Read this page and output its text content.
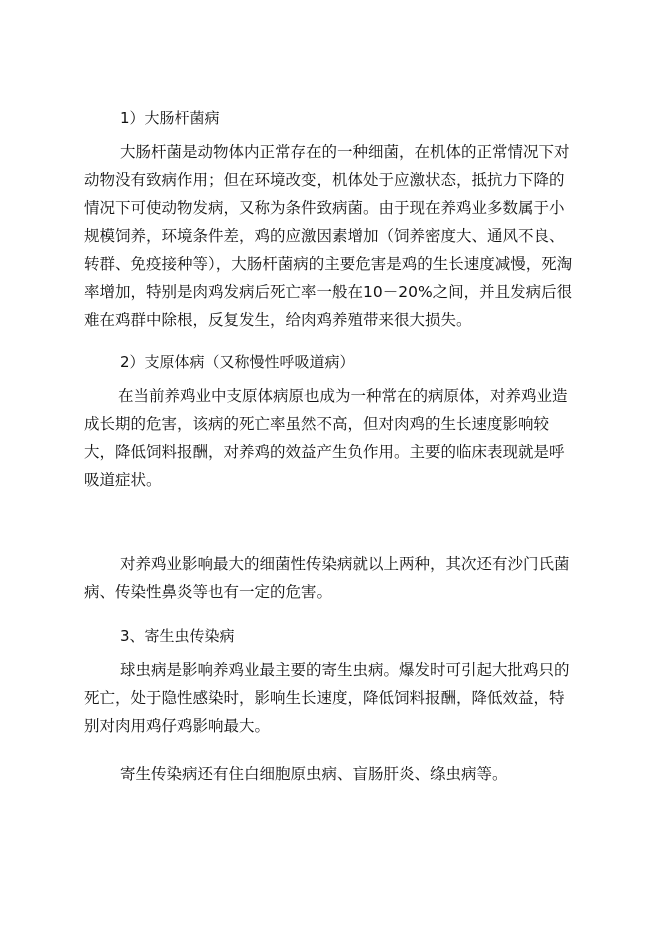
1）大肠杆菌病

大肠杆菌是动物体内正常存在的一种细菌，在机体的正常情况下对动物没有致病作用；但在环境改变，机体处于应激状态，抵抗力下降的情况下可使动物发病，又称为条件致病菌。由于现在养鸡业多数属于小规模饲养，环境条件差，鸡的应激因素增加（饲养密度大、通风不良、转群、免疫接种等），大肠杆菌病的主要危害是鸡的生长速度减慢，死淘率增加，特别是肉鸡发病后死亡率一般在10－20%之间，并且发病后很难在鸡群中除根，反复发生，给肉鸡养殖带来很大损失。

2）支原体病（又称慢性呼吸道病）

在当前养鸡业中支原体病原也成为一种常在的病原体，对养鸡业造成长期的危害，该病的死亡率虽然不高，但对肉鸡的生长速度影响较大，降低饲料报酬，对养鸡的效益产生负作用。主要的临床表现就是呼吸道症状。

对养鸡业影响最大的细菌性传染病就以上两种，其次还有沙门氏菌病、传染性鼻炎等也有一定的危害。

3、寄生虫传染病

球虫病是影响养鸡业最主要的寄生虫病。爆发时可引起大批鸡只的死亡，处于隐性感染时，影响生长速度，降低饲料报酬，降低效益，特别对肉用鸡仔鸡影响最大。

寄生传染病还有住白细胞原虫病、盲肠肝炎、绦虫病等。
